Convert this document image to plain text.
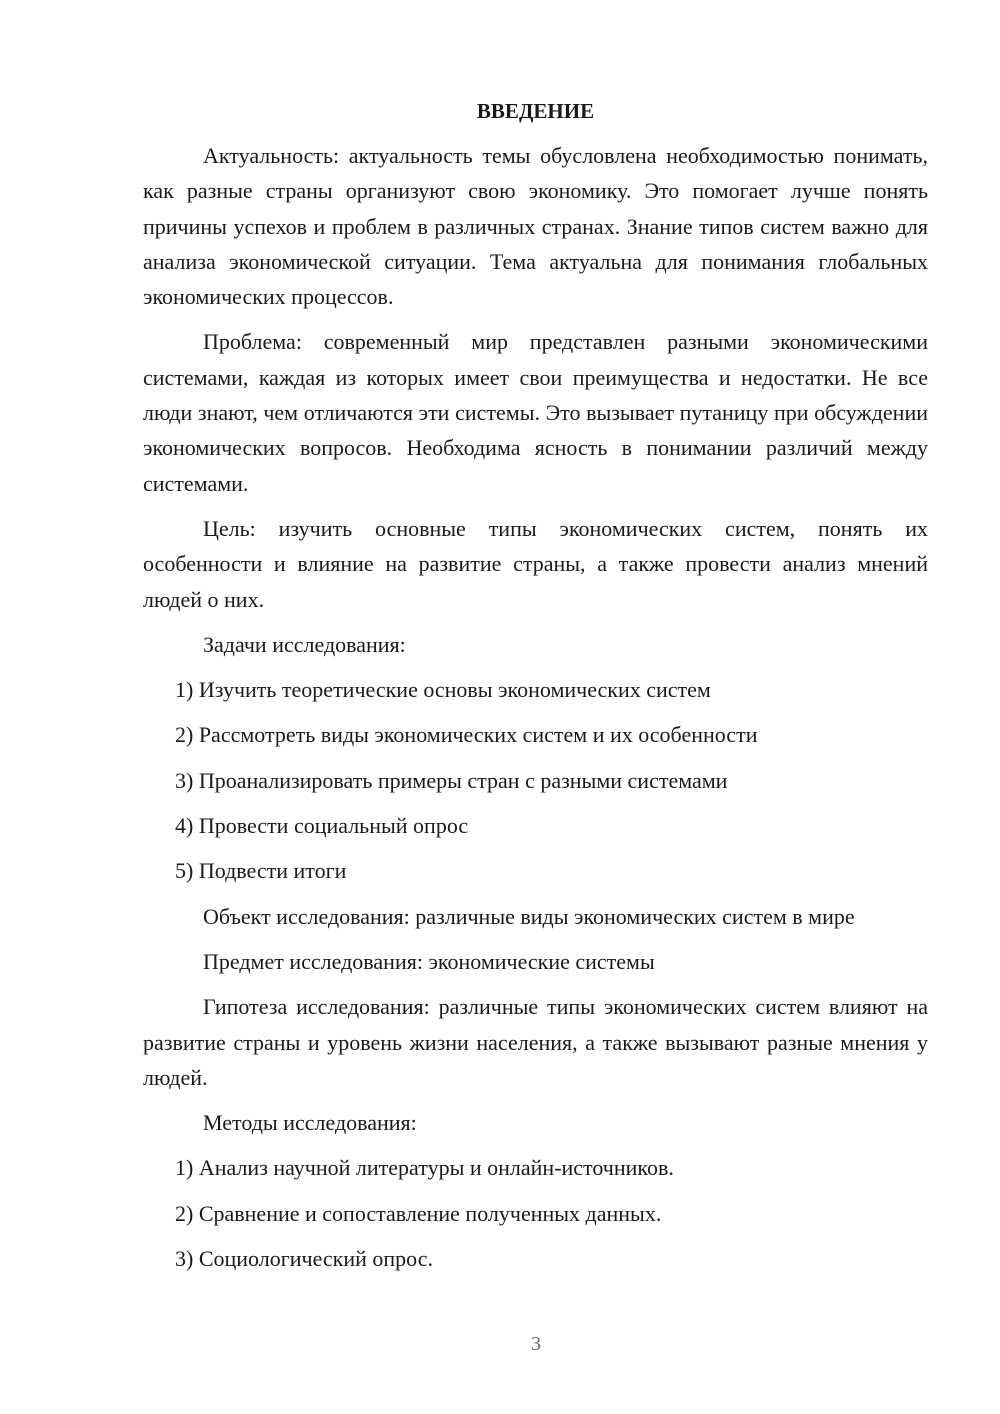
ВВЕДЕНИЕ

Актуальность: актуальность темы обусловлена необходимостью понимать, как разные страны организуют свою экономику. Это помогает лучше понять причины успехов и проблем в различных странах. Знание типов систем важно для анализа экономической ситуации. Тема актуальна для понимания глобальных экономических процессов.

Проблема: современный мир представлен разными экономическими системами, каждая из которых имеет свои преимущества и недостатки. Не все люди знают, чем отличаются эти системы. Это вызывает путаницу при обсуждении экономических вопросов. Необходима ясность в понимании различий между системами.

Цель: изучить основные типы экономических систем, понять их особенности и влияние на развитие страны, а также провести анализ мнений людей о них.

Задачи исследования:
1) Изучить теоретические основы экономических систем
2) Рассмотреть виды экономических систем и их особенности
3) Проанализировать примеры стран с разными системами
4) Провести социальный опрос
5) Подвести итоги

Объект исследования: различные виды экономических систем в мире

Предмет исследования: экономические системы

Гипотеза исследования: различные типы экономических систем влияют на развитие страны и уровень жизни населения, а также вызывают разные мнения у людей.

Методы исследования:
1) Анализ научной литературы и онлайн-источников.
2) Сравнение и сопоставление полученных данных.
3) Социологический опрос.
3
